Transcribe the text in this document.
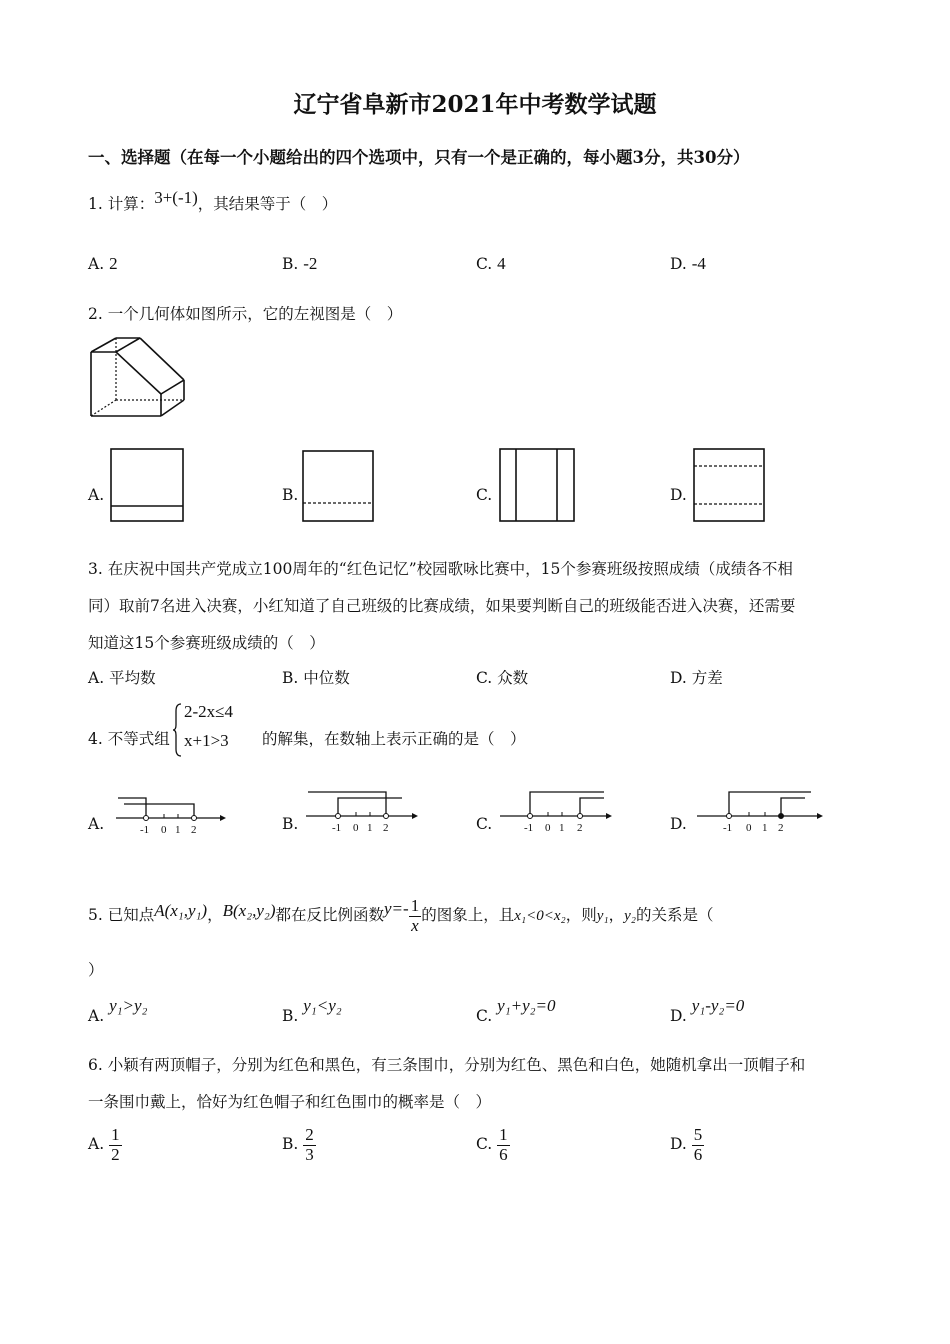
辽宁省阜新市2021年中考数学试题
一、选择题（在每一个小题给出的四个选项中，只有一个是正确的，每小题3分，共30分）
1. 计算：3+(-1)，其结果等于（　）
A. 2	B. -2	C. 4	D. -4
2. 一个几何体如图所示，它的左视图是（　）
A.	B.	C.	D.
3. 在庆祝中国共产党成立100周年的“红色记忆”校园歌咏比赛中，15个参赛班级按照成绩（成绩各不相
同）取前7名进入决赛，小红知道了自己班级的比赛成绩，如果要判断自己的班级能否进入决赛，还需要
知道这15个参赛班级成绩的（　）
A. 平均数	B. 中位数	C. 众数	D. 方差
4. 不等式组
2-2x≤4
x+1>3 的解集，在数轴上表示正确的是（　）
A.	-1 0 1 2	B.	-1 0 1 2	C.	-1 0 1 2	D.	-1 0 1 2
5. 已知点A(x₁,y₁)，B(x₂,y₂)都在反比例函数$y=- \frac{1}{x}$ 的图象上，且x₁<0<x₂，则y₁，y₂的关系是（
）
A. y₁>y₂
B. y₁<y₂
C. y₁+y₂=0
D. y₁-y₂=0
6. 小颖有两顶帽子，分别为红色和黑色，有三条围巾，分别为红色、黑色和白色，她随机拿出一顶帽子和
一条围巾戴上，恰好为红色帽子和红色围巾的概率是（　）
A. $\frac{1}{2}$	B. $\frac{2}{3}$	C. $\frac{1}{6}$	D. $\frac{5}{6}$
